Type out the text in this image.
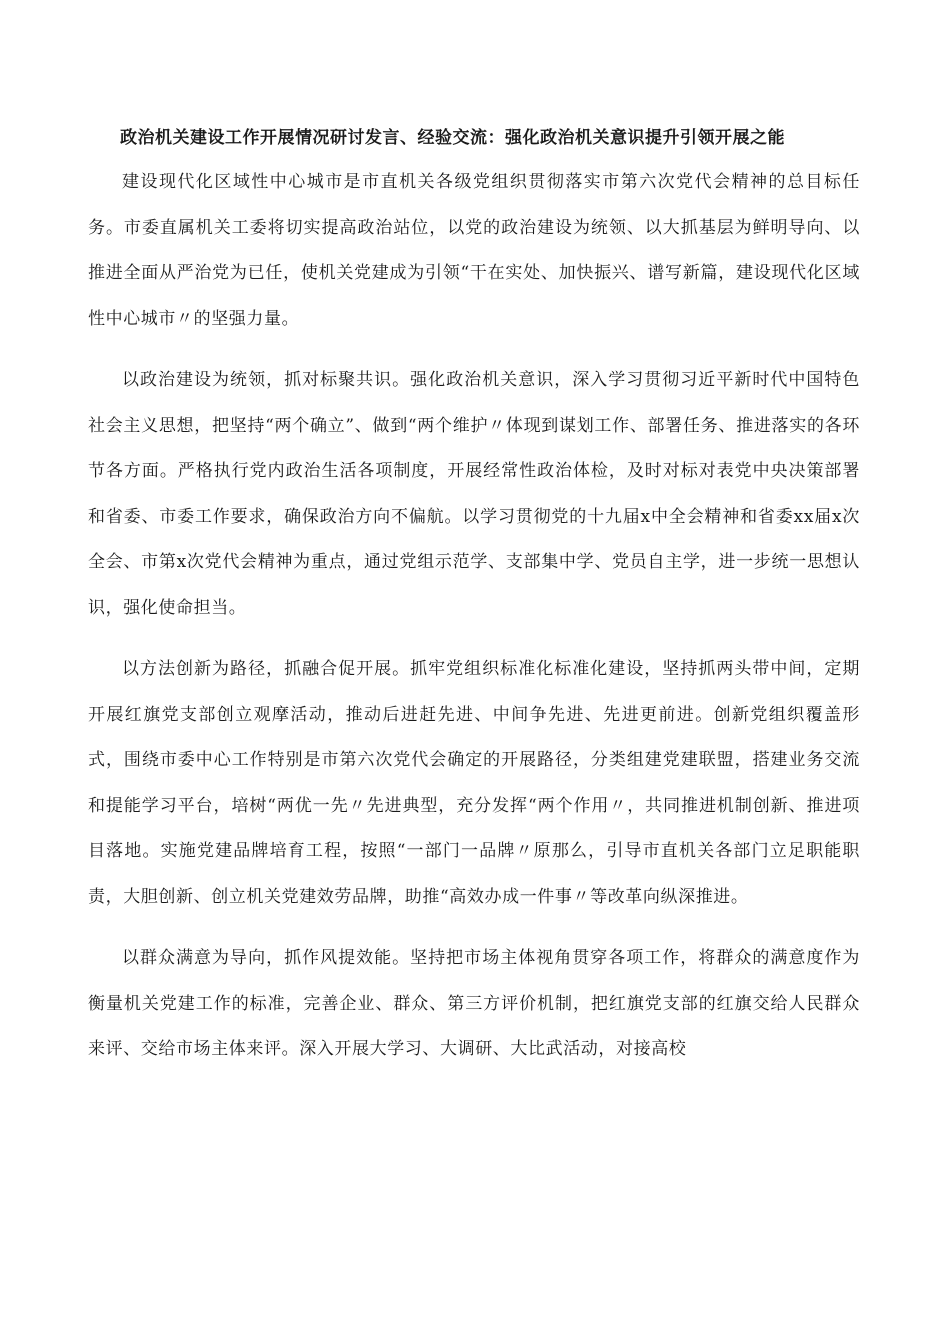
政治机关建设工作开展情况研讨发言、经验交流：强化政治机关意识提升引领开展之能

建设现代化区域性中心城市是市直机关各级党组织贯彻落实市第六次党代会精神的总目标任务。市委直属机关工委将切实提高政治站位，以党的政治建设为统领、以大抓基层为鲜明导向、以推进全面从严治党为已任，使机关党建成为引领“干在实处、加快振兴、谱写新篇，建设现代化区域性中心城市〃的坚强力量。

以政治建设为统领，抓对标聚共识。强化政治机关意识，深入学习贯彻习近平新时代中国特色社会主义思想，把坚持“两个确立”、做到“两个维护〃体现到谋划工作、部署任务、推进落实的各环节各方面。严格执行党内政治生活各项制度，开展经常性政治体检，及时对标对表党中央决策部署和省委、市委工作要求，确保政治方向不偏航。以学习贯彻党的十九届x中全会精神和省委xx届x次全会、市第x次党代会精神为重点，通过党组示范学、支部集中学、党员自主学，进一步统一思想认识，强化使命担当。

以方法创新为路径，抓融合促开展。抓牢党组织标准化标准化建设，坚持抓两头带中间，定期开展红旗党支部创立观摩活动，推动后进赶先进、中间争先进、先进更前进。创新党组织覆盖形式，围绕市委中心工作特别是市第六次党代会确定的开展路径，分类组建党建联盟，搭建业务交流和提能学习平台，培树“两优一先〃先进典型，充分发挥“两个作用〃，共同推进机制创新、推进项目落地。实施党建品牌培育工程，按照“一部门一品牌〃原那么，引导市直机关各部门立足职能职责，大胆创新、创立机关党建效劳品牌，助推“高效办成一件事〃等改革向纵深推进。

以群众满意为导向，抓作风提效能。坚持把市场主体视角贯穿各项工作，将群众的满意度作为衡量机关党建工作的标准，完善企业、群众、第三方评价机制，把红旗党支部的红旗交给人民群众来评、交给市场主体来评。深入开展大学习、大调研、大比武活动，对接高校
